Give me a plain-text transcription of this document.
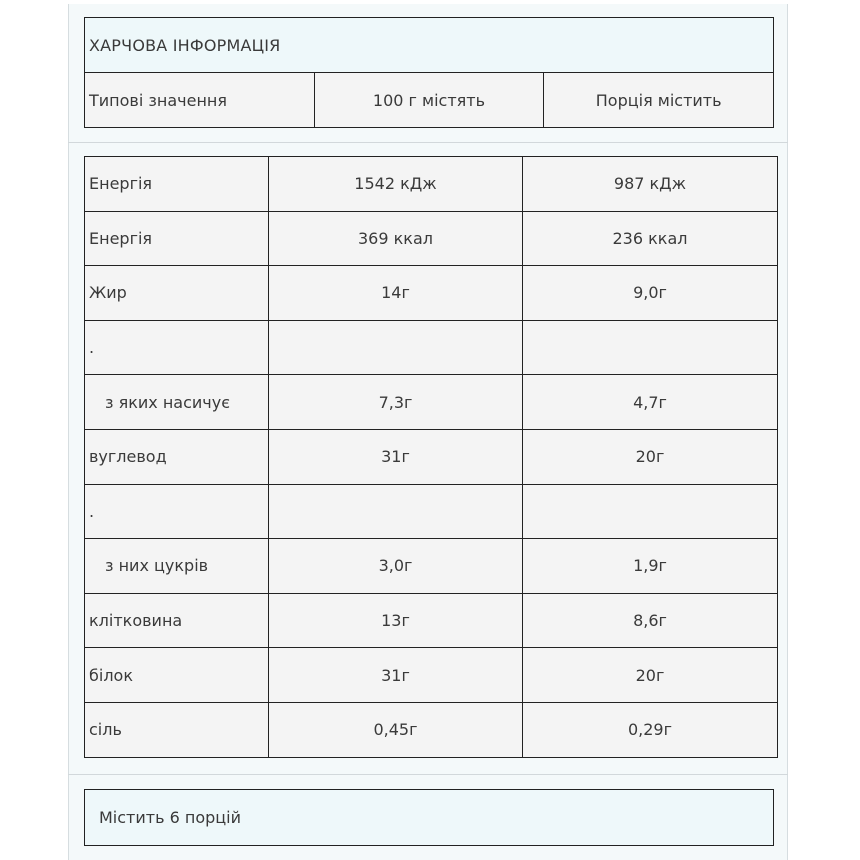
ХАРЧОВА ІНФОРМАЦІЯ
Типові значення	100 г містять	Порція містить
Енергія	1542 кДж	987 кДж
Енергія	369 ккал	236 ккал
Жир	14г	9,0г
.		
з яких насичує	7,3г	4,7г
вуглевод	31г	20г
.		
з них цукрів	3,0г	1,9г
клітковина	13г	8,6г
білок	31г	20г
сіль	0,45г	0,29г
Містить 6 порцій
